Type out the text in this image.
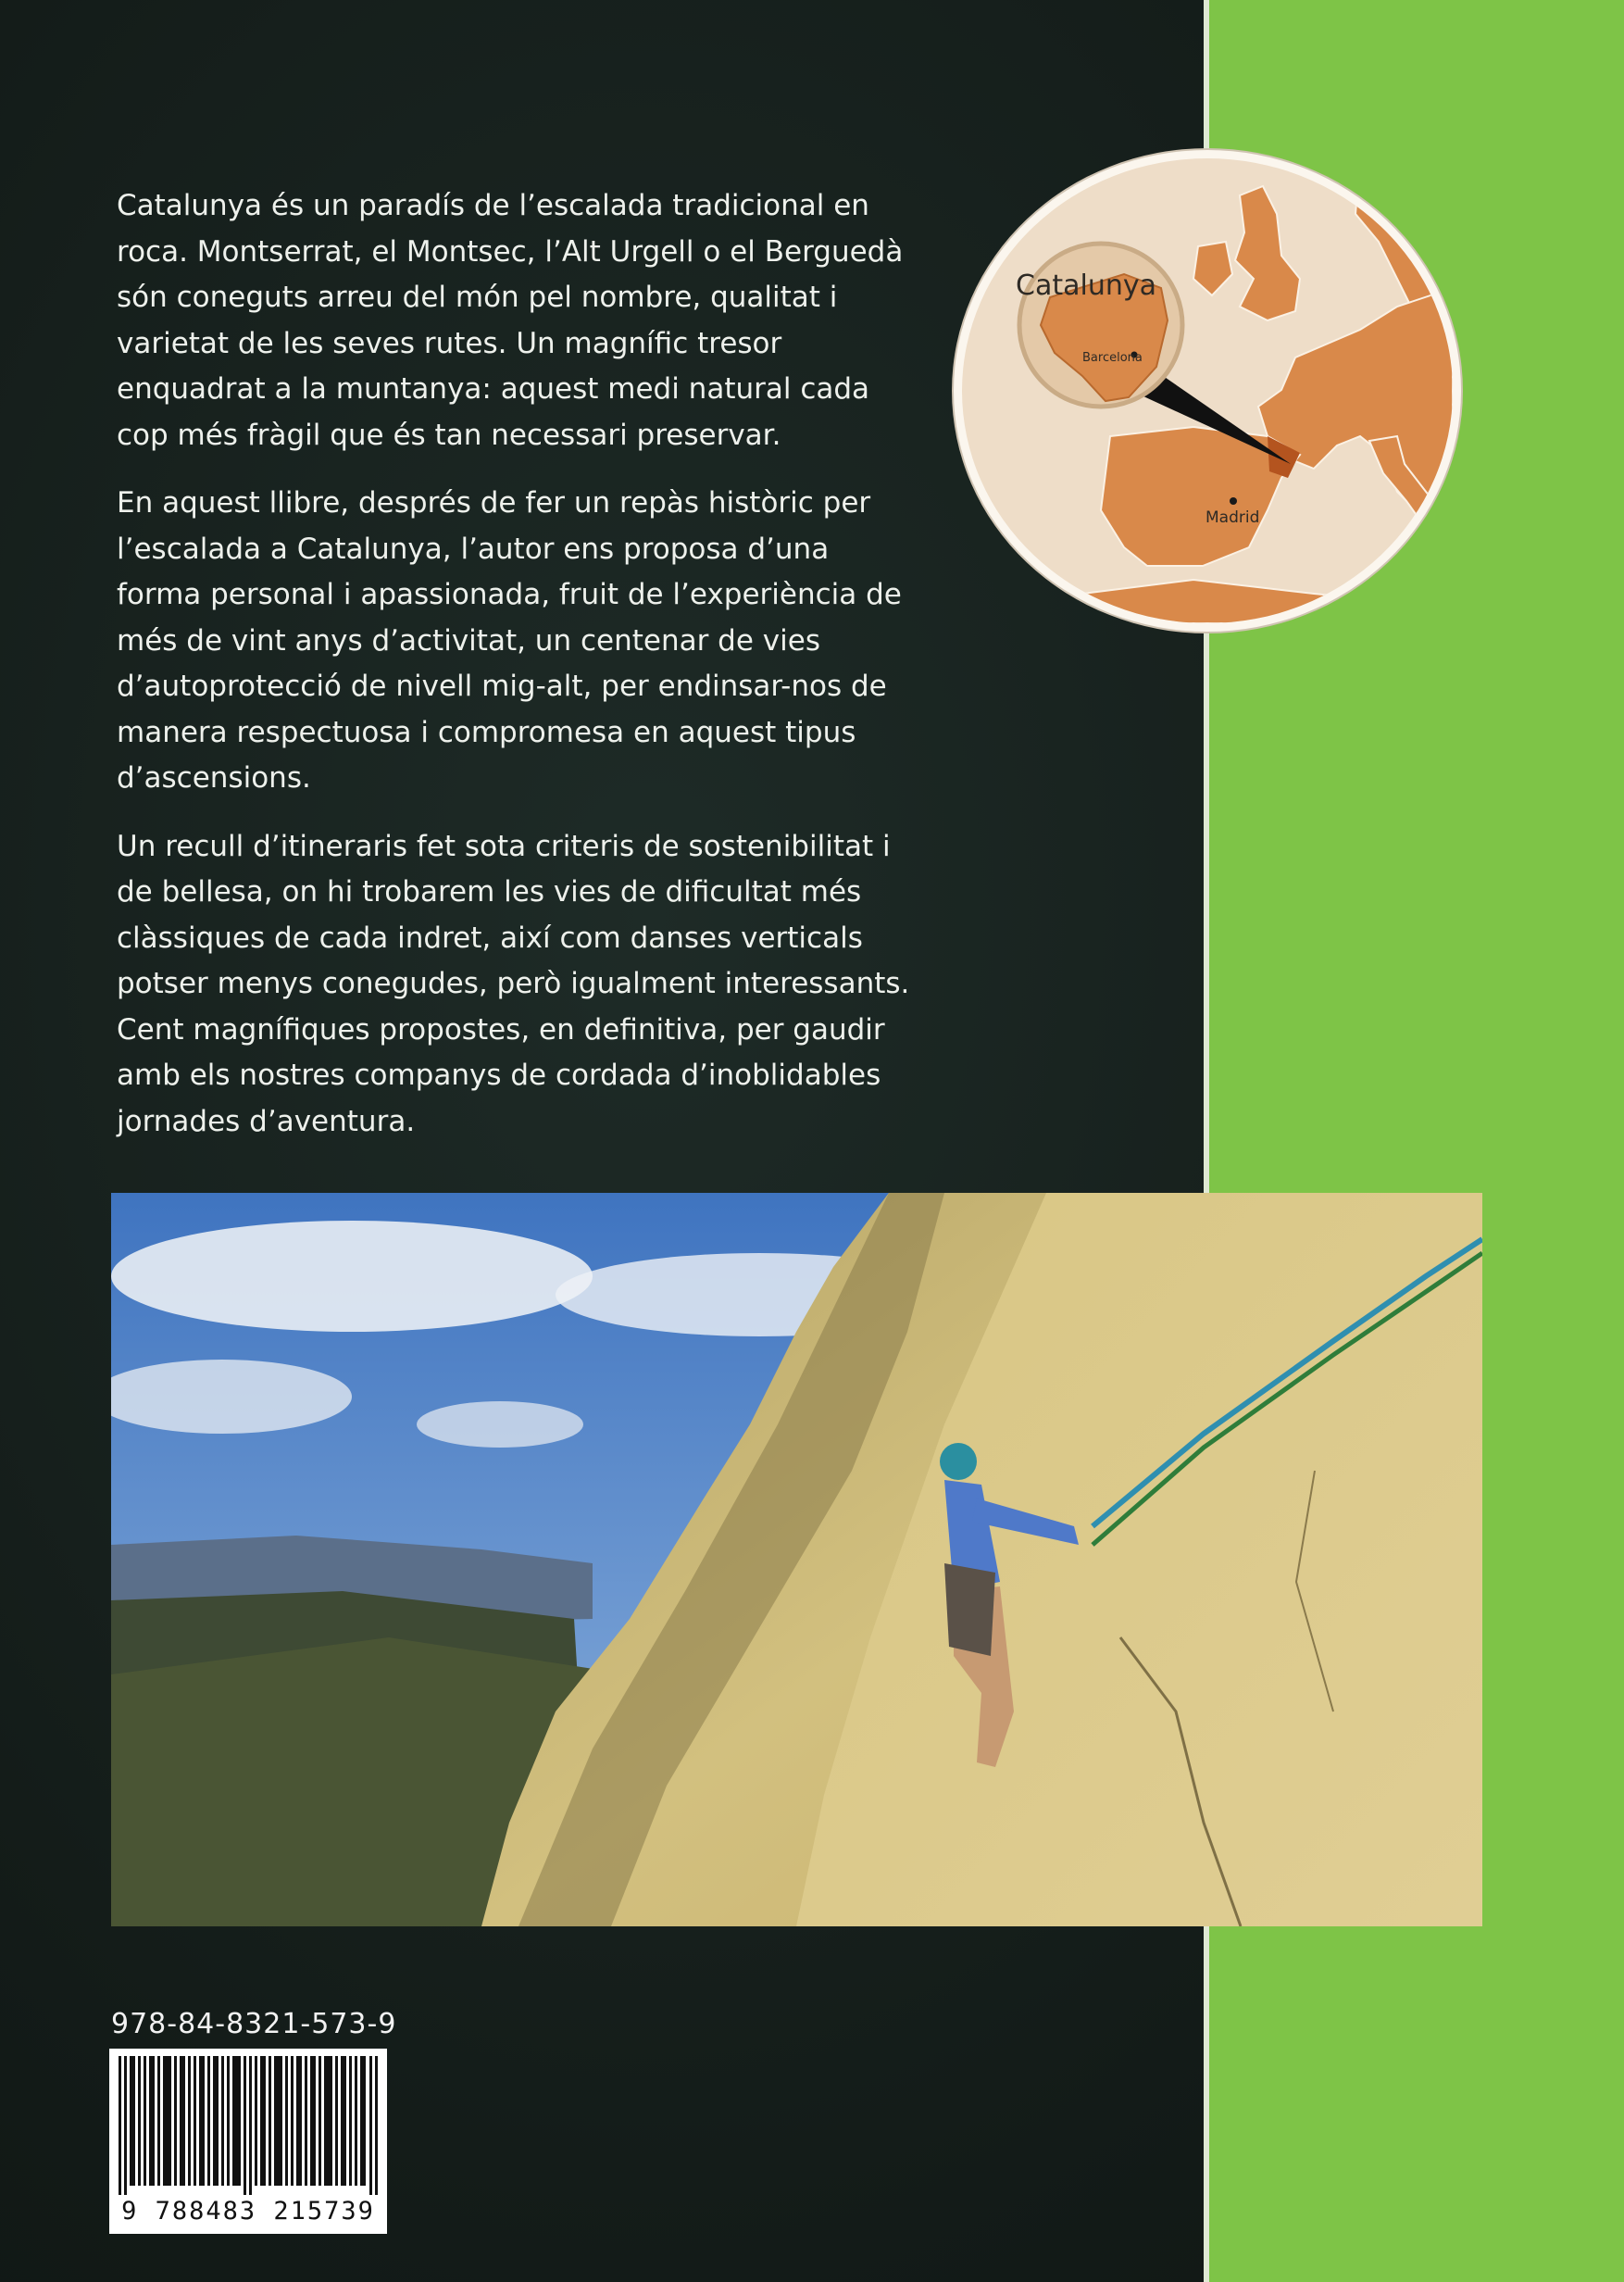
Catalunya és un paradís de l’escalada tradicional en roca. Montserrat, el Montsec, l’Alt Urgell o el Berguedà són coneguts arreu del món pel nombre, qualitat i varietat de les seves rutes. Un magnífic tresor enquadrat a la muntanya: aquest medi natural cada cop més fràgil que és tan necessari preservar.

En aquest llibre, després de fer un repàs històric per l’escalada a Catalunya, l’autor ens proposa d’una forma personal i apassionada, fruit de l’experiència de més de vint anys d’activitat, un centenar de vies d’autoprotecció de nivell mig-alt, per endinsar-nos de manera respectuosa i compromesa en aquest tipus d’ascensions.

Un recull d’itineraris fet sota criteris de sostenibilitat i de bellesa, on hi trobarem les vies de dificultat més clàssiques de cada indret, així com danses verticals potser menys conegudes, però igualment interessants. Cent magnífiques propostes, en definitiva, per gaudir amb els nostres companys de cordada d’inoblidables jornades d’aventura.

Catalunya
Barcelona
Madrid
978-84-8321-573-9
9 788483 215739
